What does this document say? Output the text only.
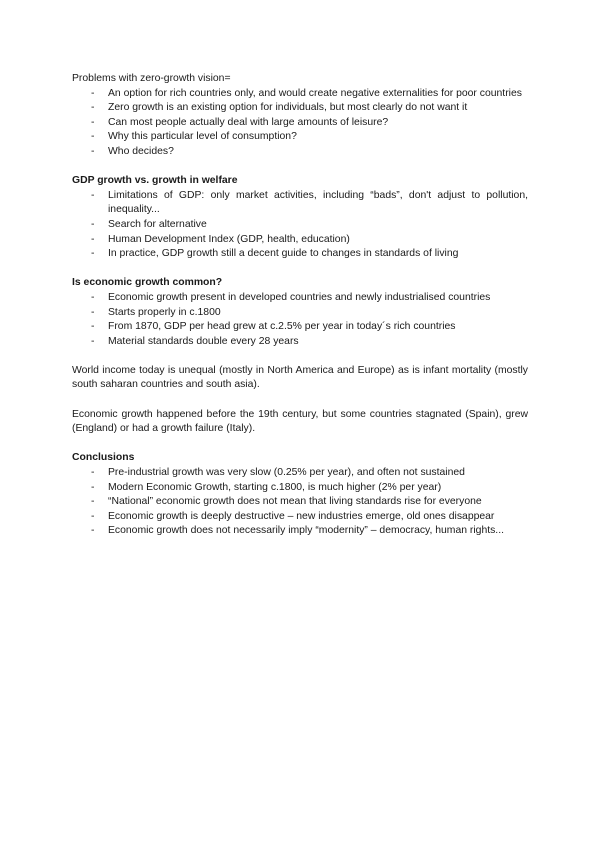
Problems with zero-growth vision=

- An option for rich countries only, and would create negative externalities for poor countries
- Zero growth is an existing option for individuals, but most clearly do not want it
- Can most people actually deal with large amounts of leisure?
- Why this particular level of consumption?
- Who decides?

GDP growth vs. growth in welfare

- Limitations of GDP: only market activities, including “bads”, don't adjust to pollution, inequality...
- Search for alternative
- Human Development Index (GDP, health, education)
- In practice, GDP growth still a decent guide to changes in standards of living

Is economic growth common?

- Economic growth present in developed countries and newly industrialised countries
- Starts properly in c.1800
- From 1870, GDP per head grew at c.2.5% per year in today´s rich countries
- Material standards double every 28 years

World income today is unequal (mostly in North America and Europe) as is infant mortality (mostly south saharan countries and south asia).

Economic growth happened before the 19th century, but some countries stagnated (Spain), grew (England) or had a growth failure (Italy).

Conclusions

- Pre-industrial growth was very slow (0.25% per year), and often not sustained
- Modern Economic Growth, starting c.1800, is much higher (2% per year)
- “National” economic growth does not mean that living standards rise for everyone
- Economic growth is deeply destructive – new industries emerge, old ones disappear
- Economic growth does not necessarily imply “modernity” – democracy, human rights...
